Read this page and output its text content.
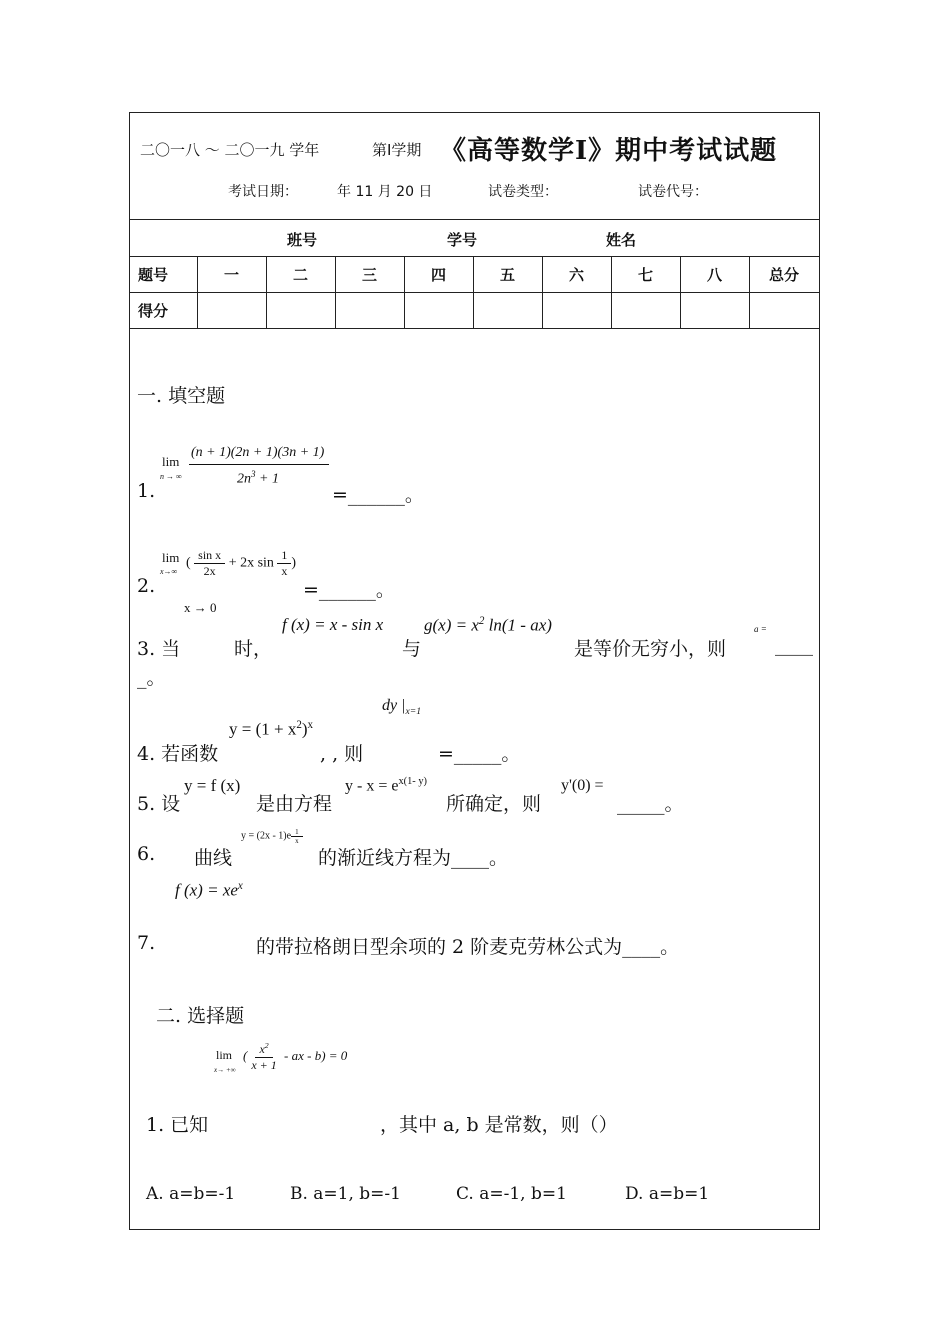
二〇一八 ～ 二〇一九 学年	第Ⅰ学期 《高等数学Ⅰ》期中考试试题
考试日期：	年 11 月 20 日	试卷类型：	试卷代号：
班号	学号	姓名
题号	一	二	三	四	五	六	七	八	总分
得分
一. 填空题
lim
n → ∞
(n + 1)(2n + 1)(3n + 1)
$2n^3 + 1$
1.	=______。
lim
x→∞
( $\frac{\text{sin x}}{2x} + 2x$ $\sin \frac{1}{x}$ )
2.	=______。
x → 0
3. 当	时，
f (x) = x - sin x
与
$g(x) = x^2$ ln(1 - ax)
是等价无穷小，则
a =
____
_。
dy $|_{x=1}$
4. 若函数
$y = (1 + x^2)^x$
, , 则	=_____。
5. 设
y = f (x)
是由方程
$y - x = e^{x(1- y)}$
所确定，则
y'(0) =
_____。
6. 曲线
$y = (2x - 1)e \frac{1}{x}$
的渐近线方程为____。
f $(x) = xe^x$
7.	的带拉格朗日型余项的 2 阶麦克劳林公式为____。
二. 选择题
lim
x→ +∞
( $\frac{x^2}{x + 1}$ - ax - b) = 0
1. 已知	，其中 a, b 是常数，则（）
A. a=b=-1	B. a=1, b=-1	C. a=-1, b=1	D. a=b=1
